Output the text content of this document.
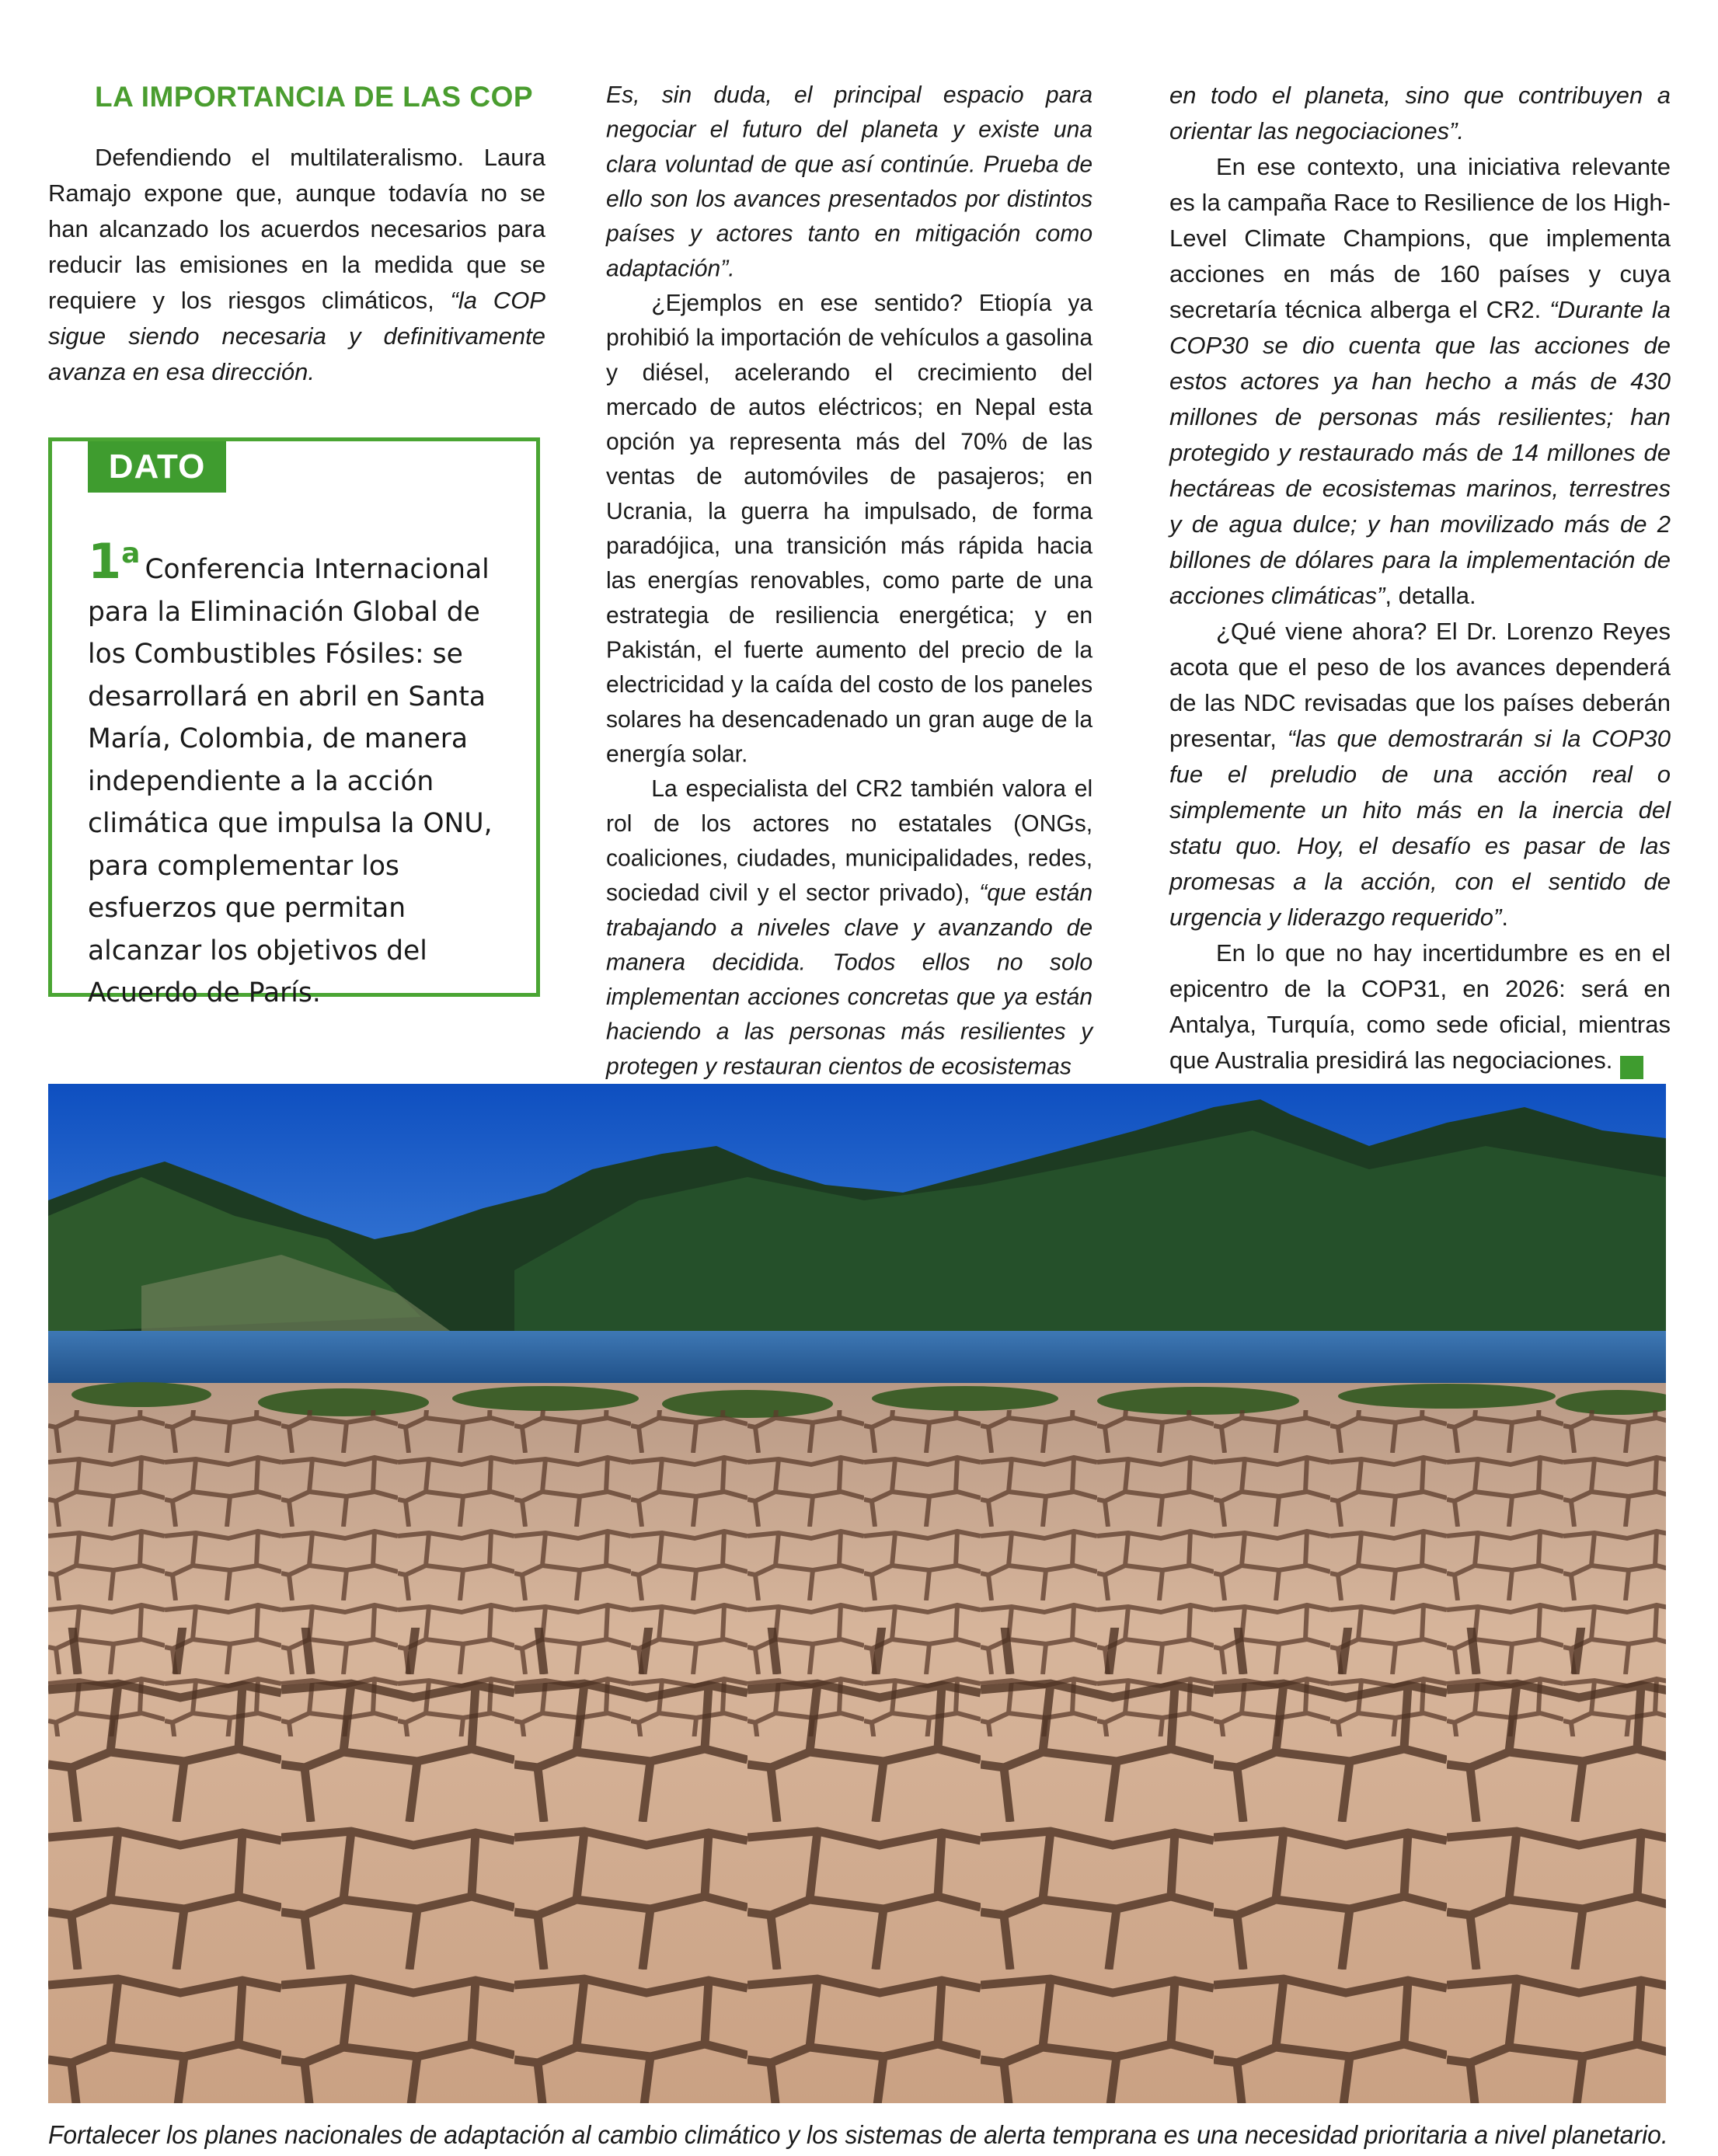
LA IMPORTANCIA DE LAS COP

Defendiendo el multilateralismo. Laura Ramajo expone que, aunque todavía no se han alcanzado los acuerdos necesarios para reducir las emisiones en la medida que se requiere y los riesgos climáticos, “la COP sigue siendo necesaria y definitivamente avanza en esa dirección.

DATO
1a Conferencia Internacional para la Eliminación Global de los Combustibles Fósiles: se desarrollará en abril en Santa María, Colombia, de manera independiente a la acción climática que impulsa la ONU, para complementar los esfuerzos que permitan alcanzar los objetivos del Acuerdo de París.

Es, sin duda, el principal espacio para negociar el futuro del planeta y existe una clara voluntad de que así continúe. Prueba de ello son los avances presentados por distintos países y actores tanto en mitigación como adaptación”.

¿Ejemplos en ese sentido? Etiopía ya prohibió la importación de vehículos a gasolina y diésel, acelerando el crecimiento del mercado de autos eléctricos; en Nepal esta opción ya representa más del 70% de las ventas de automóviles de pasajeros; en Ucrania, la guerra ha impulsado, de forma paradójica, una transición más rápida hacia las energías renovables, como parte de una estrategia de resiliencia energética; y en Pakistán, el fuerte aumento del precio de la electricidad y la caída del costo de los paneles solares ha desencadenado un gran auge de la energía solar.

La especialista del CR2 también valora el rol de los actores no estatales (ONGs, coaliciones, ciudades, municipalidades, redes, sociedad civil y el sector privado), “que están trabajando a niveles clave y avanzando de manera decidida. Todos ellos no solo implementan acciones concretas que ya están haciendo a las personas más resilientes y protegen y restauran cientos de ecosistemas

en todo el planeta, sino que contribuyen a orientar las negociaciones”.

En ese contexto, una iniciativa relevante es la campaña Race to Resilience de los High-Level Climate Champions, que implementa acciones en más de 160 países y cuya secretaría técnica alberga el CR2. “Durante la COP30 se dio cuenta que las acciones de estos actores ya han hecho a más de 430 millones de personas más resilientes; han protegido y restaurado más de 14 millones de hectáreas de ecosistemas marinos, terrestres y de agua dulce; y han movilizado más de 2 billones de dólares para la implementación de acciones climáticas”, detalla.

¿Qué viene ahora? El Dr. Lorenzo Reyes acota que el peso de los avances dependerá de las NDC revisadas que los países deberán presentar, “las que demostrarán si la COP30 fue el preludio de una acción real o simplemente un hito más en la inercia del statu quo. Hoy, el desafío es pasar de las promesas a la acción, con el sentido de urgencia y liderazgo requerido”.

En lo que no hay incertidumbre es en el epicentro de la COP31, en 2026: será en Antalya, Turquía, como sede oficial, mientras que Australia presidirá las negociaciones.	LA

Fortalecer los planes nacionales de adaptación al cambio climático y los sistemas de alerta temprana es una necesidad prioritaria a nivel planetario.
